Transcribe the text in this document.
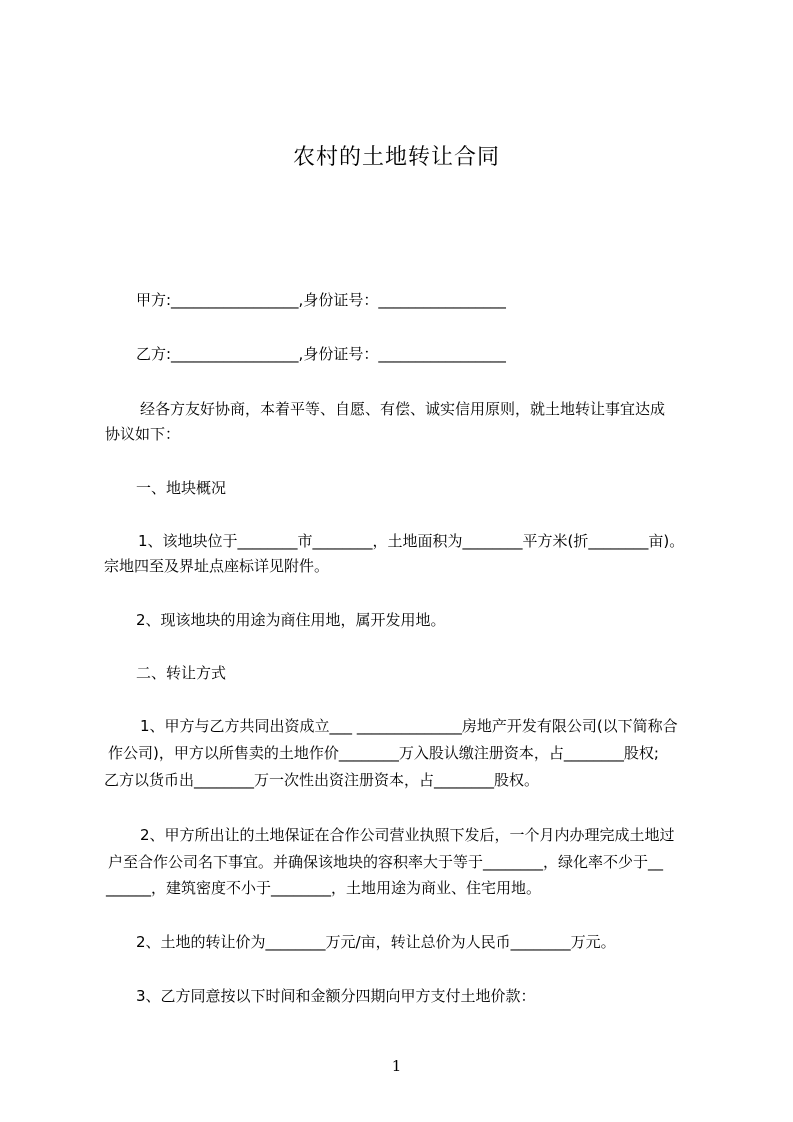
农村的土地转让合同
甲方:_________________,身份证号：_________________
乙方:_________________,身份证号：_________________
经各方友好协商，本着平等、自愿、有偿、诚实信用原则，就土地转让事宜达成
协议如下：
一、地块概况
1、该地块位于________市________，土地面积为________平方米(折________亩)。
宗地四至及界址点座标详见附件。
2、现该地块的用途为商住用地，属开发用地。
二、转让方式
1、甲方与乙方共同出资成立___ ______________房地产开发有限公司(以下简称合
作公司)，甲方以所售卖的土地作价________万入股认缴注册资本，占________股权;
乙方以货币出________万一次性出资注册资本，占________股权。
2、甲方所出让的土地保证在合作公司营业执照下发后，一个月内办理完成土地过
户至合作公司名下事宜。并确保该地块的容积率大于等于________，绿化率不少于__
______，建筑密度不小于________，土地用途为商业、住宅用地。
2、土地的转让价为________万元/亩，转让总价为人民币________万元。
3、乙方同意按以下时间和金额分四期向甲方支付土地价款：
1
